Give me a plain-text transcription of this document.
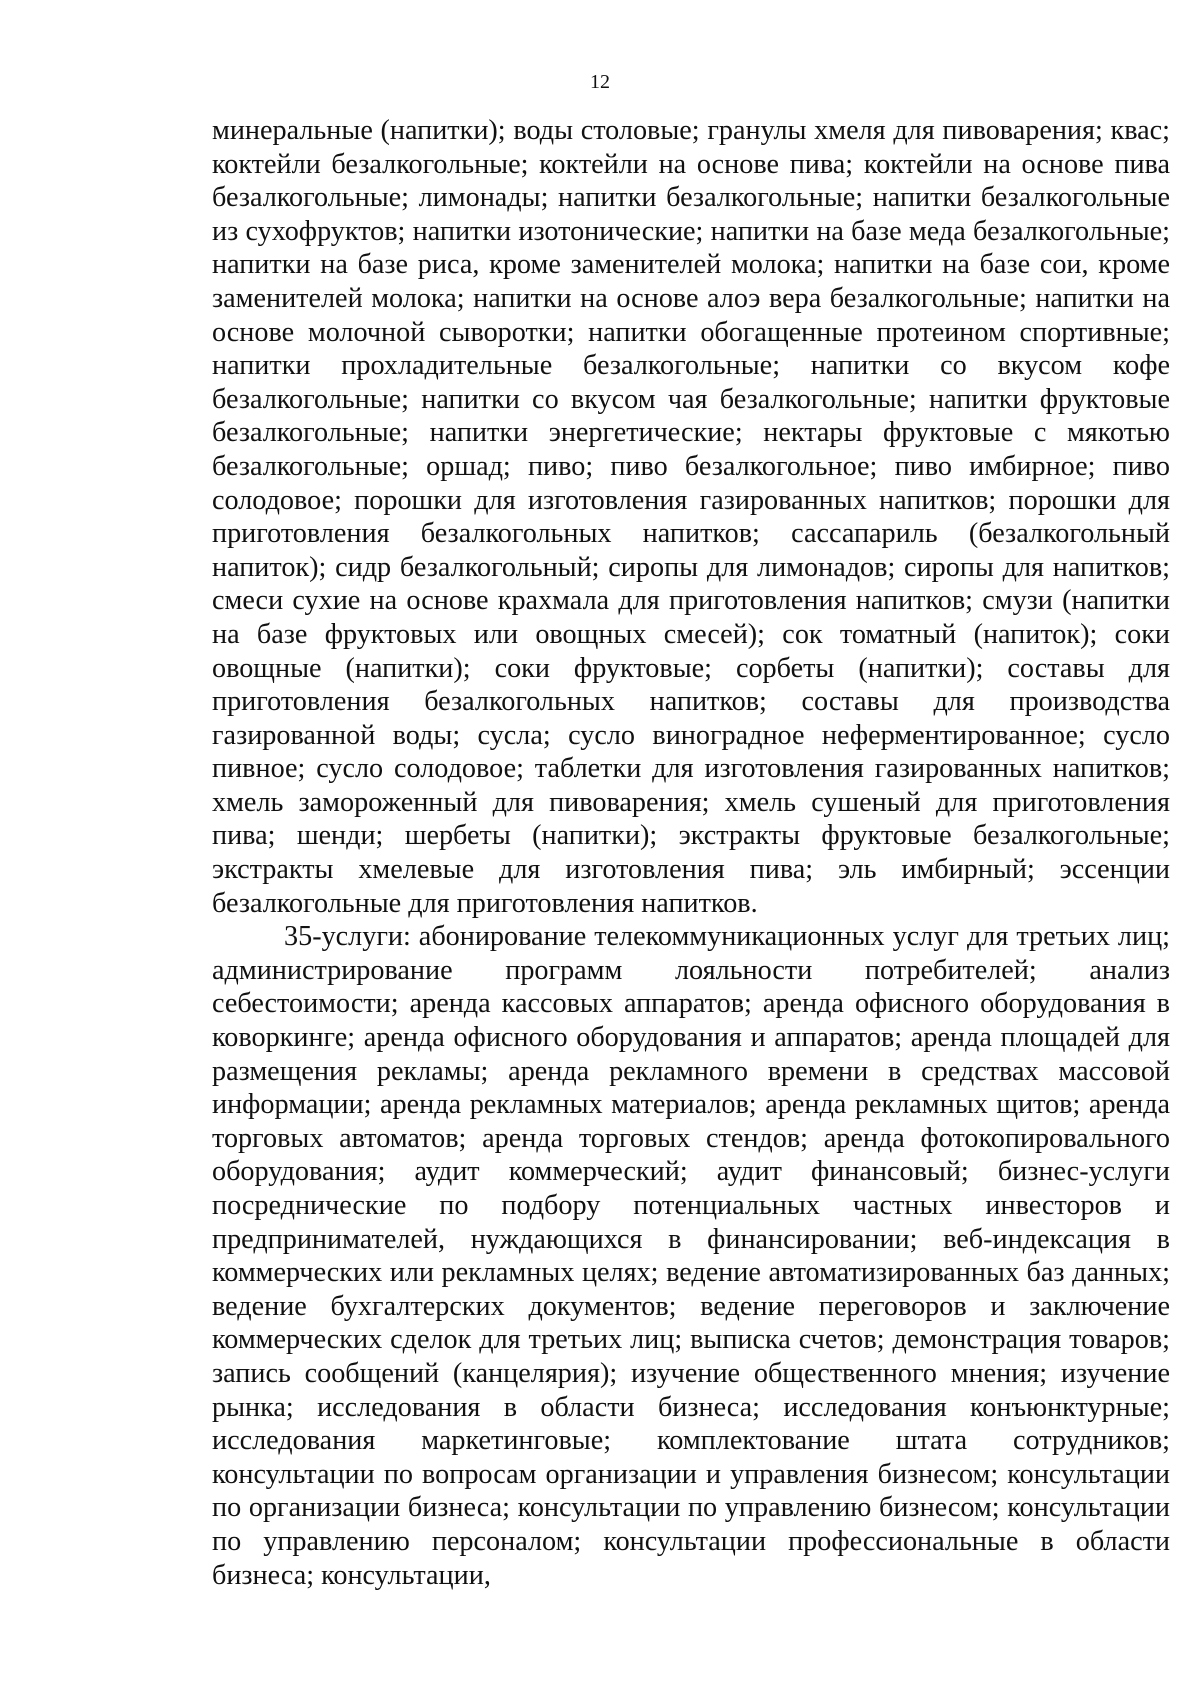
12

минеральные (напитки); воды столовые; гранулы хмеля для пивоварения; квас; коктейли безалкогольные; коктейли на основе пива; коктейли на основе пива безалкогольные; лимонады; напитки безалкогольные; напитки безалкогольные из сухофруктов; напитки изотонические; напитки на базе меда безалкогольные; напитки на базе риса, кроме заменителей молока; напитки на базе сои, кроме заменителей молока; напитки на основе алоэ вера безалкогольные; напитки на основе молочной сыворотки; напитки обогащенные протеином спортивные; напитки прохладительные безалкогольные; напитки со вкусом кофе безалкогольные; напитки со вкусом чая безалкогольные; напитки фруктовые безалкогольные; напитки энергетические; нектары фруктовые с мякотью безалкогольные; оршад; пиво; пиво безалкогольное; пиво имбирное; пиво солодовое; порошки для изготовления газированных напитков; порошки для приготовления безалкогольных напитков; сассапариль (безалкогольный напиток); сидр безалкогольный; сиропы для лимонадов; сиропы для напитков; смеси сухие на основе крахмала для приготовления напитков; смузи (напитки на базе фруктовых или овощных смесей); сок томатный (напиток); соки овощные (напитки); соки фруктовые; сорбеты (напитки); составы для приготовления безалкогольных напитков; составы для производства газированной воды; сусла; сусло виноградное неферментированное; сусло пивное; сусло солодовое; таблетки для изготовления газированных напитков; хмель замороженный для пивоварения; хмель сушеный для приготовления пива; шенди; шербеты (напитки); экстракты фруктовые безалкогольные; экстракты хмелевые для изготовления пива; эль имбирный; эссенции безалкогольные для приготовления напитков.

35-услуги: абонирование телекоммуникационных услуг для третьих лиц; администрирование программ лояльности потребителей; анализ себестоимости; аренда кассовых аппаратов; аренда офисного оборудования в коворкинге; аренда офисного оборудования и аппаратов; аренда площадей для размещения рекламы; аренда рекламного времени в средствах массовой информации; аренда рекламных материалов; аренда рекламных щитов; аренда торговых автоматов; аренда торговых стендов; аренда фотокопировального оборудования; аудит коммерческий; аудит финансовый; бизнес-услуги посреднические по подбору потенциальных частных инвесторов и предпринимателей, нуждающихся в финансировании; веб-индексация в коммерческих или рекламных целях; ведение автоматизированных баз данных; ведение бухгалтерских документов; ведение переговоров и заключение коммерческих сделок для третьих лиц; выписка счетов; демонстрация товаров; запись сообщений (канцелярия); изучение общественного мнения; изучение рынка; исследования в области бизнеса; исследования конъюнктурные; исследования маркетинговые; комплектование штата сотрудников; консультации по вопросам организации и управления бизнесом; консультации по организации бизнеса; консультации по управлению бизнесом; консультации по управлению персоналом; консультации профессиональные в области бизнеса; консультации,
